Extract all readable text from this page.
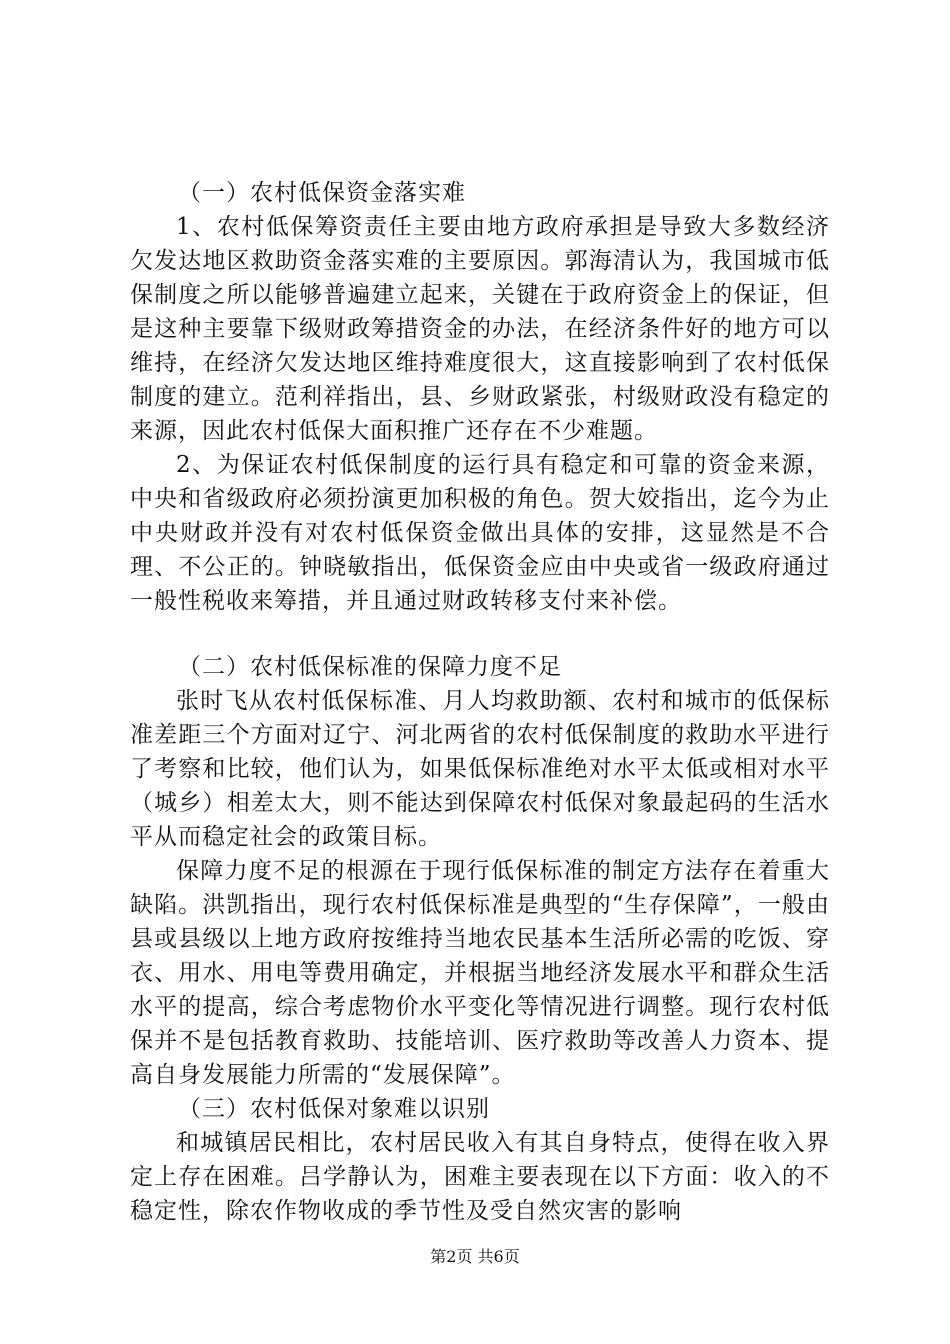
（一）农村低保资金落实难
1、农村低保筹资责任主要由地方政府承担是导致大多数经济欠发达地区救助资金落实难的主要原因。郭海清认为，我国城市低保制度之所以能够普遍建立起来，关键在于政府资金上的保证，但是这种主要靠下级财政筹措资金的办法，在经济条件好的地方可以维持，在经济欠发达地区维持难度很大，这直接影响到了农村低保制度的建立。范利祥指出，县、乡财政紧张，村级财政没有稳定的来源，因此农村低保大面积推广还存在不少难题。
2、为保证农村低保制度的运行具有稳定和可靠的资金来源，中央和省级政府必须扮演更加积极的角色。贺大姣指出，迄今为止中央财政并没有对农村低保资金做出具体的安排，这显然是不合理、不公正的。钟晓敏指出，低保资金应由中央或省一级政府通过一般性税收来筹措，并且通过财政转移支付来补偿。
（二）农村低保标准的保障力度不足
张时飞从农村低保标准、月人均救助额、农村和城市的低保标准差距三个方面对辽宁、河北两省的农村低保制度的救助水平进行了考察和比较，他们认为，如果低保标准绝对水平太低或相对水平（城乡）相差太大，则不能达到保障农村低保对象最起码的生活水平从而稳定社会的政策目标。
保障力度不足的根源在于现行低保标准的制定方法存在着重大缺陷。洪凯指出，现行农村低保标准是典型的“生存保障”，一般由县或县级以上地方政府按维持当地农民基本生活所必需的吃饭、穿衣、用水、用电等费用确定，并根据当地经济发展水平和群众生活水平的提高，综合考虑物价水平变化等情况进行调整。现行农村低保并不是包括教育救助、技能培训、医疗救助等改善人力资本、提高自身发展能力所需的“发展保障”。
（三）农村低保对象难以识别
和城镇居民相比，农村居民收入有其自身特点，使得在收入界定上存在困难。吕学静认为，困难主要表现在以下方面：收入的不稳定性，除农作物收成的季节性及受自然灾害的影响
第2页 共6页
